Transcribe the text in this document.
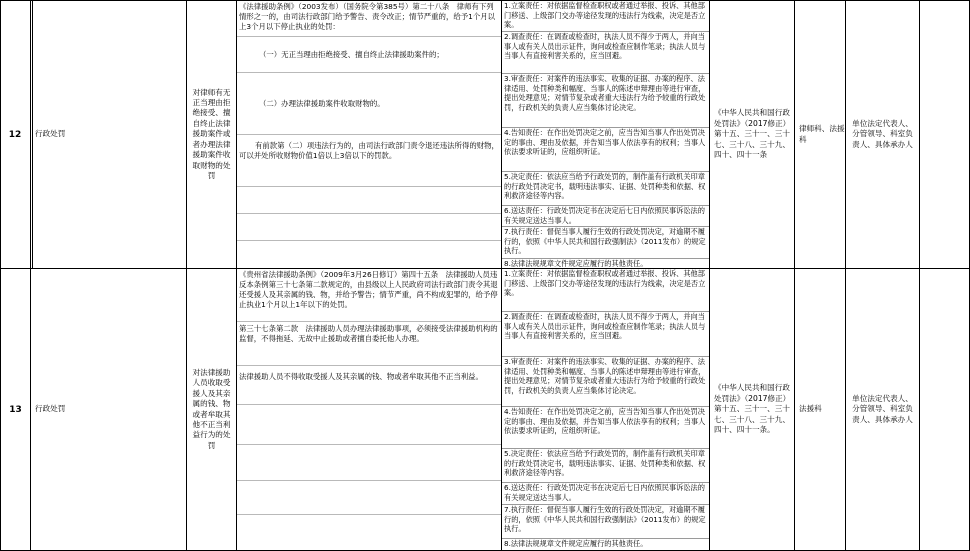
12 行政处罚
对律师有无正当理由拒绝接受、擅自终止法律援助案件或者办理法律援助案件收取财物的处罚
《法律援助条例》（2003发布）（国务院令第385号）第二十八条　律师有下列情形之一的，由司法行政部门给予警告、责令改正；情节严重的，给予1个月以上3个月以下停止执业的处罚：
（一）无正当理由拒绝接受、擅自终止法律援助案件的；
（二）办理法律援助案件收取财物的。
有前款第（二）项违法行为的，由司法行政部门责令退还违法所得的财物，可以并处所收财物价值1倍以上3倍以下的罚款。
1.立案责任：对依据监督检查职权或者通过举报、投诉、其他部门移送、上级部门交办等途径发现的违法行为线索，决定是否立案。
2.调查责任：在调查或检查时，执法人员不得少于两人，并向当事人或有关人员出示证件，询问或检查应制作笔录；执法人员与当事人有直接利害关系的，应当回避。
3.审查责任：对案件的违法事实、收集的证据、办案的程序、法律适用、处罚种类和幅度、当事人的陈述申辩理由等进行审查，提出处理意见；对情节复杂或者重大违法行为给予较重的行政处罚，行政机关的负责人应当集体讨论决定。
4.告知责任：在作出处罚决定之前，应当告知当事人作出处罚决定的事由、理由及依据，并告知当事人依法享有的权利；当事人依法要求听证的，应组织听证。
5.决定责任：依法应当给予行政处罚的，制作盖有行政机关印章的行政处罚决定书，载明违法事实、证据、处罚种类和依据、权利救济途径等内容。
6.送达责任：行政处罚决定书在决定后七日内依照民事诉讼法的有关规定送达当事人。
7.执行责任：督促当事人履行生效的行政处罚决定，对逾期不履行的，依照《中华人民共和国行政强制法》（2011发布）的规定执行。
8.法律法规规章文件规定应履行的其他责任。
《中华人民共和国行政处罚法》（2017修正）第十五、三十一、三十七、三十八、三十九、四十、四十一条
律师科、法援科
单位法定代表人、分管领导、科室负责人、具体承办人
13 行政处罚
对法律援助人员收取受援人及其亲属的钱、物或者牟取其他不正当利益行为的处罚
《贵州省法律援助条例》（2009年3月26日修订）第四十五条　法律援助人员违反本条例第三十七条第二款规定的，由县级以上人民政府司法行政部门责令其退还受援人及其亲属的钱、物，并给予警告；情节严重，尚不构成犯罪的，给予停止执业1个月以上1年以下的处罚。
第三十七条第二款　法律援助人员办理法律援助事项，必须接受法律援助机构的监督，不得拖延、无故中止援助或者擅自委托他人办理。
法律援助人员不得收取受援人及其亲属的钱、物或者牟取其他不正当利益。
1.立案责任：对依据监督检查职权或者通过举报、投诉、其他部门移送、上级部门交办等途径发现的违法行为线索，决定是否立案。
2.调查责任：在调查或检查时，执法人员不得少于两人，并向当事人或有关人员出示证件，询问或检查应制作笔录；执法人员与当事人有直接利害关系的，应当回避。
3.审查责任：对案件的违法事实、收集的证据、办案的程序、法律适用、处罚种类和幅度、当事人的陈述申辩理由等进行审查，提出处理意见；对情节复杂或者重大违法行为给予较重的行政处罚，行政机关的负责人应当集体讨论决定。
4.告知责任：在作出处罚决定之前，应当告知当事人作出处罚决定的事由、理由及依据，并告知当事人依法享有的权利；当事人依法要求听证的，应组织听证。
5.决定责任：依法应当给予行政处罚的，制作盖有行政机关印章的行政处罚决定书，载明违法事实、证据、处罚种类和依据、权利救济途径等内容。
6.送达责任：行政处罚决定书在决定后七日内依照民事诉讼法的有关规定送达当事人。
7.执行责任：督促当事人履行生效的行政处罚决定，对逾期不履行的，依照《中华人民共和国行政强制法》（2011发布）的规定执行。
8.法律法规规章文件规定应履行的其他责任。
《中华人民共和国行政处罚法》（2017修正）第十五、三十一、三十七、三十八、三十九、四十、四十一条。
法援科
单位法定代表人、分管领导、科室负责人、具体承办人
